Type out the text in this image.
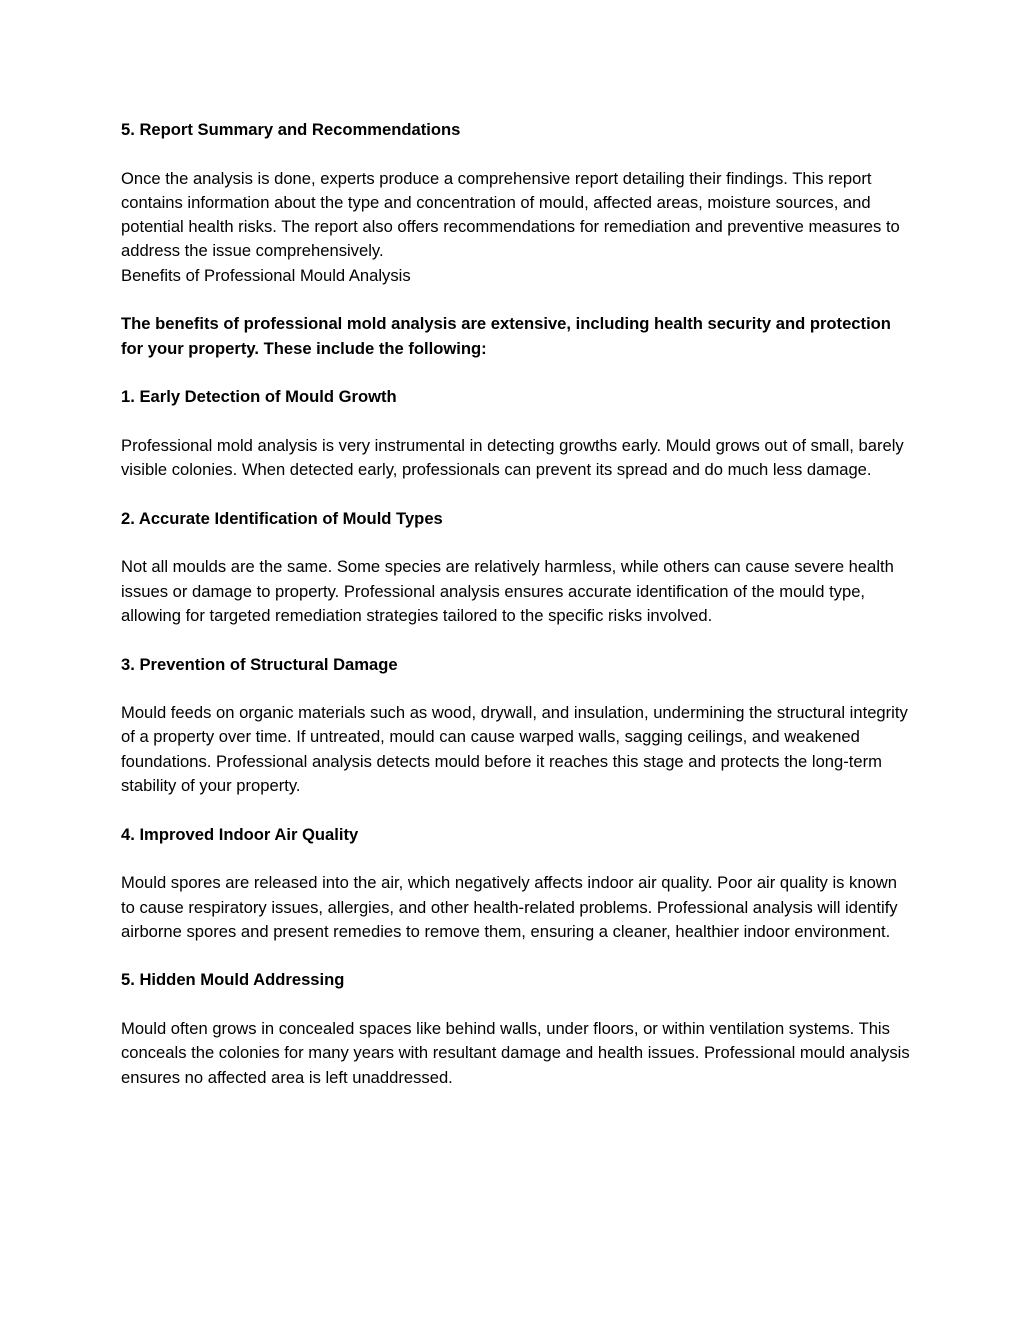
5. Report Summary and Recommendations

Once the analysis is done, experts produce a comprehensive report detailing their findings. This report contains information about the type and concentration of mould, affected areas, moisture sources, and potential health risks. The report also offers recommendations for remediation and preventive measures to address the issue comprehensively.

Benefits of Professional Mould Analysis

The benefits of professional mold analysis are extensive, including health security and protection for your property. These include the following:

1. Early Detection of Mould Growth

Professional mold analysis is very instrumental in detecting growths early. Mould grows out of small, barely visible colonies. When detected early, professionals can prevent its spread and do much less damage.

2. Accurate Identification of Mould Types

Not all moulds are the same. Some species are relatively harmless, while others can cause severe health issues or damage to property. Professional analysis ensures accurate identification of the mould type, allowing for targeted remediation strategies tailored to the specific risks involved.

3. Prevention of Structural Damage

Mould feeds on organic materials such as wood, drywall, and insulation, undermining the structural integrity of a property over time. If untreated, mould can cause warped walls, sagging ceilings, and weakened foundations. Professional analysis detects mould before it reaches this stage and protects the long-term stability of your property.

4. Improved Indoor Air Quality

Mould spores are released into the air, which negatively affects indoor air quality. Poor air quality is known to cause respiratory issues, allergies, and other health-related problems. Professional analysis will identify airborne spores and present remedies to remove them, ensuring a cleaner, healthier indoor environment.

5. Hidden Mould Addressing

Mould often grows in concealed spaces like behind walls, under floors, or within ventilation systems. This conceals the colonies for many years with resultant damage and health issues. Professional mould analysis ensures no affected area is left unaddressed.
